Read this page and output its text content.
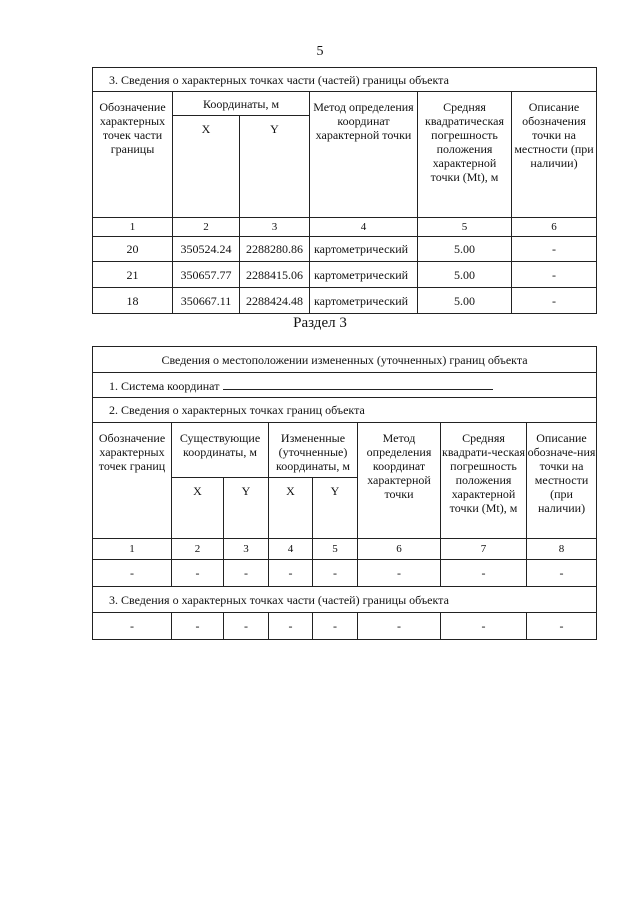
5
3. Сведения о характерных точках части (частей) границы объекта					
Обозначение характерных точек части границы	Координаты, м		Метод определения координат характерной точки	Средняя квадратическая погрешность положения характерной точки (Mt), м	Описание обозначения точки на местности (при наличии)
	X	Y			
1	2	3	4	5	6
20	350524.24	2288280.86	картометрический	5.00	-
21	350657.77	2288415.06	картометрический	5.00	-
18	350667.11	2288424.48	картометрический	5.00	-
Раздел 3
Сведения о местоположении измененных (уточненных) границ объекта							
1. Система координат							
2. Сведения о характерных точках границ объекта							
Обозначение характерных точек границ	Существующие координаты, м		Измененные (уточненные) координаты, м		Метод определения координат характерной точки	Средняя квадрати-ческая погрешность положения характерной точки (Mt), м	Описание обозначе-ния точки на местности (при наличии)
	X	Y	X	Y			
1	2	3	4	5	6	7	8
-	-	-	-	-	-	-	-
3. Сведения о характерных точках части (частей) границы объекта							
-	-	-	-	-	-	-	-
